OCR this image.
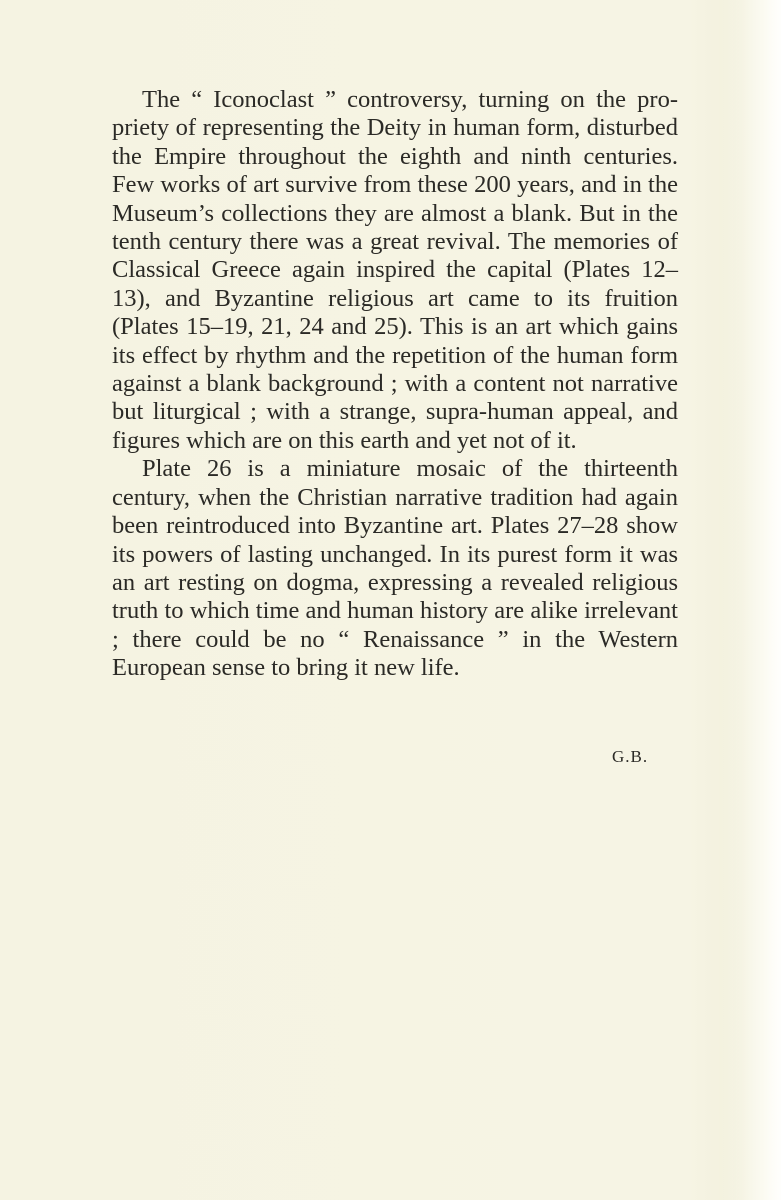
The “ Iconoclast ” controversy, turning on the propriety of representing the Deity in human form, disturbed the Empire throughout the eighth and ninth centuries. Few works of art survive from these 200 years, and in the Museum’s collections they are almost a blank. But in the tenth century there was a great revival. The memories of Classical Greece again inspired the capital (Plates 12–13), and Byzantine religious art came to its fruition (Plates 15–19, 21, 24 and 25). This is an art which gains its effect by rhythm and the repetition of the human form against a blank background ; with a content not narrative but liturgical ; with a strange, supra-human appeal, and figures which are on this earth and yet not of it.

Plate 26 is a miniature mosaic of the thirteenth century, when the Christian narrative tradition had again been reintroduced into Byzantine art. Plates 27–28 show its powers of lasting unchanged. In its purest form it was an art resting on dogma, expressing a revealed religious truth to which time and human history are alike irrelevant ; there could be no “ Renaissance ” in the Western European sense to bring it new life.

G.B.
